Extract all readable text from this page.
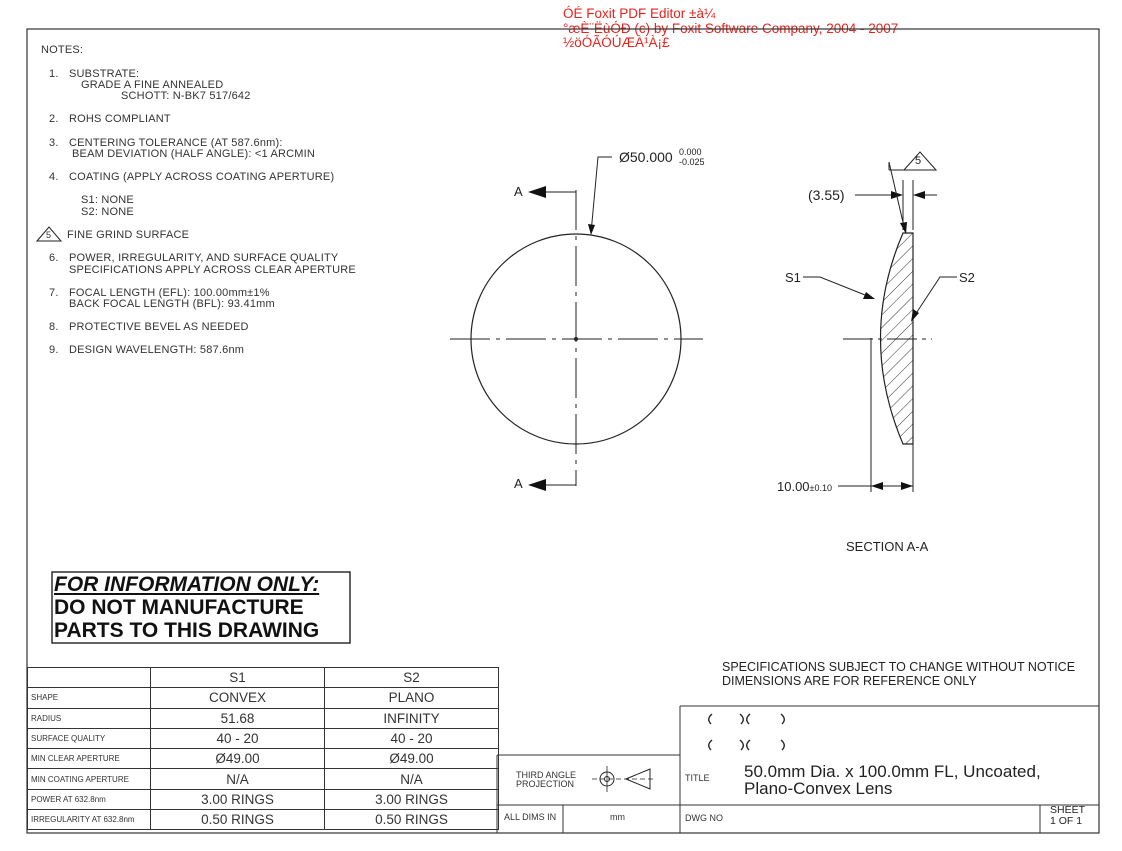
ÓÉ Foxit PDF Editor ±à¼
°æÈ¨ËùÓÐ (c) by Foxit Software Company, 2004 - 2007
½öÓÃÓÚÆÀ¹À¡£
NOTES:
1. SUBSTRATE:
GRADE A FINE ANNEALED
SCHOTT: N-BK7 517/642
2. ROHS COMPLIANT
3. CENTERING TOLERANCE (AT 587.6nm):
BEAM DEVIATION (HALF ANGLE): <1 ARCMIN
4. COATING (APPLY ACROSS COATING APERTURE)
S1: NONE
S2: NONE
5 FINE GRIND SURFACE
6. POWER, IRREGULARITY, AND SURFACE QUALITY
SPECIFICATIONS APPLY ACROSS CLEAR APERTURE
7. FOCAL LENGTH (EFL): 100.00mm±1%
BACK FOCAL LENGTH (BFL): 93.41mm
8. PROTECTIVE BEVEL AS NEEDED
9. DESIGN WAVELENGTH: 587.6nm
Ø50.000 0.000
-0.025
A
A
5
(3.55)
S1	S2
10.00±0.10
SECTION A-A
FOR INFORMATION ONLY:
DO NOT MANUFACTURE
PARTS TO THIS DRAWING
	S1	S2
SHAPE	CONVEX	PLANO
RADIUS	51.68	INFINITY
SURFACE QUALITY	40 - 20	40 - 20
MIN CLEAR APERTURE	Ø49.00	Ø49.00
MIN COATING APERTURE	N/A	N/A
POWER AT 632.8nm	3.00 RINGS	3.00 RINGS
IRREGULARITY AT 632.8nm	0.50 RINGS	0.50 RINGS
THIRD ANGLE
PROJECTION
ALL DIMS IN	mm
SPECIFICATIONS SUBJECT TO CHANGE WITHOUT NOTICE
DIMENSIONS ARE FOR REFERENCE ONLY
TITLE 50.0mm Dia. x 100.0mm FL, Uncoated,
Plano-Convex Lens
DWG NO
SHEET
1 OF 1
